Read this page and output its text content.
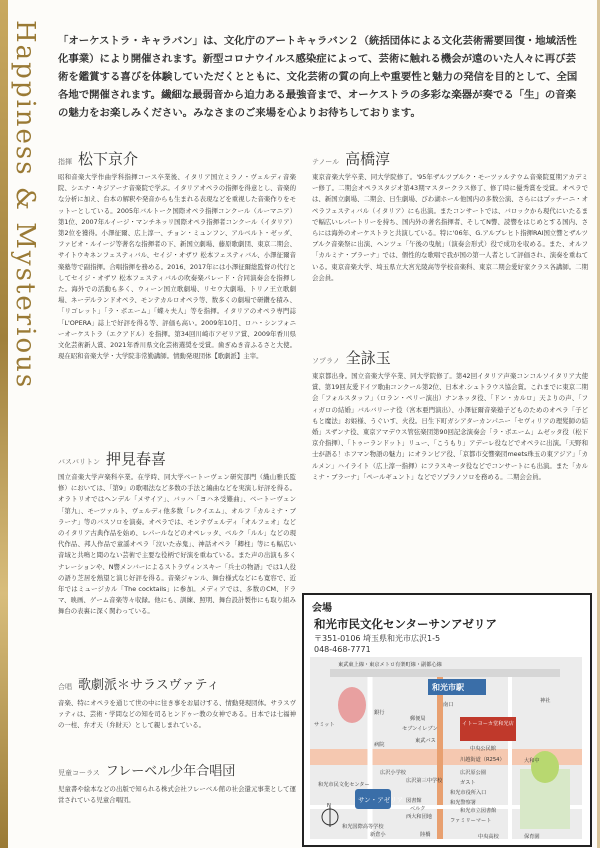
Happiness & Mysterious 「オーケストラ・キャラバン」は、文化庁のアートキャラバン２（統括団体による文化芸術需要回復・地域活性化事業）により開催されます。新型コロナウイルス感染症によって、芸術に触れる機会が遠のいた人々に再び芸術を鑑賞する喜びを体験していただくとともに、文化芸術の質の向上や重要性と魅力の発信を目的として、全国各地で開催されます。繊細な最弱音から迫力ある最強音まで、オーケストラの多彩な楽器が奏でる「生」の音楽の魅力をお楽しみください。みなさまのご来場を心よりお待ちしております。
指揮 松下京介
昭和音楽大学作曲学科指揮コース卒業後、イタリア国立ミラノ・ヴェルディ音楽院、シエナ・キジアーナ音楽院で学ぶ。イタリアオペラの指揮を得意とし、音楽的な分析に加え、台本の解釈や発音からも生まれる表現などを重視した音楽作りをモットーとしている。2005年バルトーク国際オペラ指揮コンクール（ルーマニア）第1位、2007年ルイージ・マンチネッリ国際オペラ指揮者コンクール（イタリア）第2位を獲得。小澤征爾、広上淳一、チョン・ミュンフン、アルベルト・ゼッダ、ファビオ・ルイージ等著名な指揮者の下、新国立劇場、藤原歌劇団、東京二期会、サイトウキネンフェスティバル、セイジ・オザワ 松本フェスティバル、小澤征爾音楽塾等で副指揮。合唱指揮を務める。2016、2017年には小澤征爾総監督の代行としてセイジ・オザワ 松本フェスティバルの吹奏楽パレード・合同演奏会を指揮した。海外での活動も多く、ウィーン国立歌劇場、リセウ大劇場、トリノ王立歌劇場、ネーデルランドオペラ、モンテカルロオペラ等、数多くの劇場で研鑽を積み、「リゴレット」「ラ・ボエーム」「蝶々夫人」等を指揮。イタリアのオペラ専門誌「L'OPERA」誌上で好評を得る等、評価も高い。2009年10月、ロハ・シンフォニーオーケストラ（エクアドル）を指揮。第34回川崎市アゼリア賞、2009年香川県文化芸術新人賞、2021年香川県文化芸術選奨を受賞。歯ぎぬき音ふるさと大使。現在昭和音楽大学・大学院非常勤講師。情動発現団体【歌劇派】主宰。
バスバリトン 押見春喜
国立音楽大学声楽科卒業。在学時、同大学ベートーヴェン研究部門（織山雅氏監修）においては、「第9」の歌唱法など多数の手法と編曲などを実演し好評を得る。オラトリオではヘンデル「メサイア」、バッハ「ヨハネ受難曲」、ベートーヴェン「第九」、モーツァルト、ヴェルディ他多数「レクイエム」、オルフ「カルミナ・ブラーナ」等のバスソロを演奏。オペラでは、モンテヴェルディ「オルフェオ」などのイタリア古典作品を始め、レパールなどのオペレッタ、ベルク「ルル」などの現代作品、邦人作品で童謡オペラ「泣いた赤鬼」、神話オペラ「卿柱」等にも幅広い音域と共鳴と聞のない芸術で主要な役柄で好演を重ねている。また声の出演も多くナレーションや、N響メンバーによるストラヴィンスキー「兵士の物語」では1人役の語り芝居を熱望と演じ好評を得る。音楽ジャンル、舞台様式などにも寛容で、近年ではミュージカル「The cocktails」に参加。メディアでは、多数のCM、ドラマ、映画、ゲーム音楽等々収録。他にも、訓練、照明、舞台設計製作にも取り組み舞台の表裏に深く関わっている。
合唱 歌劇派＊サラスヴァティ
音楽、特にオペラを通じて世の中に往き事をお届けする、情動発現団体。サラスヴァティは、芸術・学問などの知を司るヒンドゥー教の女神である。日本では七福神の一柱、弁才天（弁財天）として親しまれている。
児童コーラス フレーベル少年合唱団
児童書や絵本などの出版で知られる株式会社フレーベル館の社会還元事業として運営されている児童合唱団。
テノール 高橋淳
東京音楽大学卒業、同大学院修了。'95年ザルツブルク・モーツァルテウム音楽院夏期アカデミー修了。二期会オペラスタジオ第43期マスタークラス修了、修了時に優秀賞を受賞。オペラでは、新国立劇場、二期会、日生劇場、びわ湖ホール他国内の多数公演、さらにはプッチーニ・オペラフェスティバル（イタリア）にも出演。またコンサートでは、バロックから現代にいたるまで幅広いレパートリーを持ち、国内外の著名指揮者、そしてN響、読響をはじめとする国内、さらには海外のオーケストラと共演している。特に'06年、G.アルブレヒト指揮RAI国立響とザルツブルク音楽祭に出演、ヘンツェ「午後の曳航」（演奏会形式）役で成功を収める。また、オルフ「カルミナ・ブラーナ」では、個性的な歌唱で我が国の第一人者として評価され、演奏を重ねている。東京音楽大学、埼玉県立大宮光陵高等学校音楽科、東京二期会愛好家クラス各講師。二期会会員。
ソプラノ 全詠玉
東京都出身。国立音楽大学卒業、同大学院修了。第42回イタリア声楽コンコルソイタリア大使賞、第19回友愛ドイツ歌曲コンクール第2位、日本オ.シュトラウス協会賞。これまでに東京二期会「フォルスタッフ」（ロラン・ペリー演出）ナンネッタ役、「ドン・カルロ」天よりの声、「フィガロの結婚」バルバリーナ役（宮本亜門演出）、小澤征爾音楽塾子どものためのオペラ「子どもと魔法」お姫様、うぐいす、火役。日生下町ガシアターカンパニー「セヴィリアの理髪師の結婚」スザンナ役、東京アマデウス管弦楽団第90回記念演奏会「ラ・ボエーム」ムゼッタ役（松下京介指揮）、「トゥーランドット」リュー、「こうもり」アデーレ役などでオペラに出演。「天野和士が語る！ホフマン物語の魅力」にオランピア役、「京都市交響楽団meets珠玉の東アジア」「カルメン」ハイライト（広上淳一指揮）にフラスキータ役などでコンサートにも出演。また「カルミナ・ブラーナ」「ペールギュント」などでソプラノソロを務める。二期会会員。
会場
和光市民文化センターサンアゼリア
〒351-0106 埼玉県和光市広沢1-5
048-468-7771
東武東上線・東京メトロ有楽町線・副都心線
和光市駅
南口
サミット
郵便局
セブンイレブン
イトーヨーカ堂和光店
中央公民館
川越街道（R254）
広沢原公園
広沢小学校
広沢第三中学校	ガスト
和光市役所入口
和光市民文化センター
サン・アゼリア 図書館	和光警察署
西大和団地
ファミリーマート
和光国際高等学校
新倉小	陸橋
N
東武バス
ベルク	和光市立図書館
保育園
中央高校
大和中
病院
銀行
神社
